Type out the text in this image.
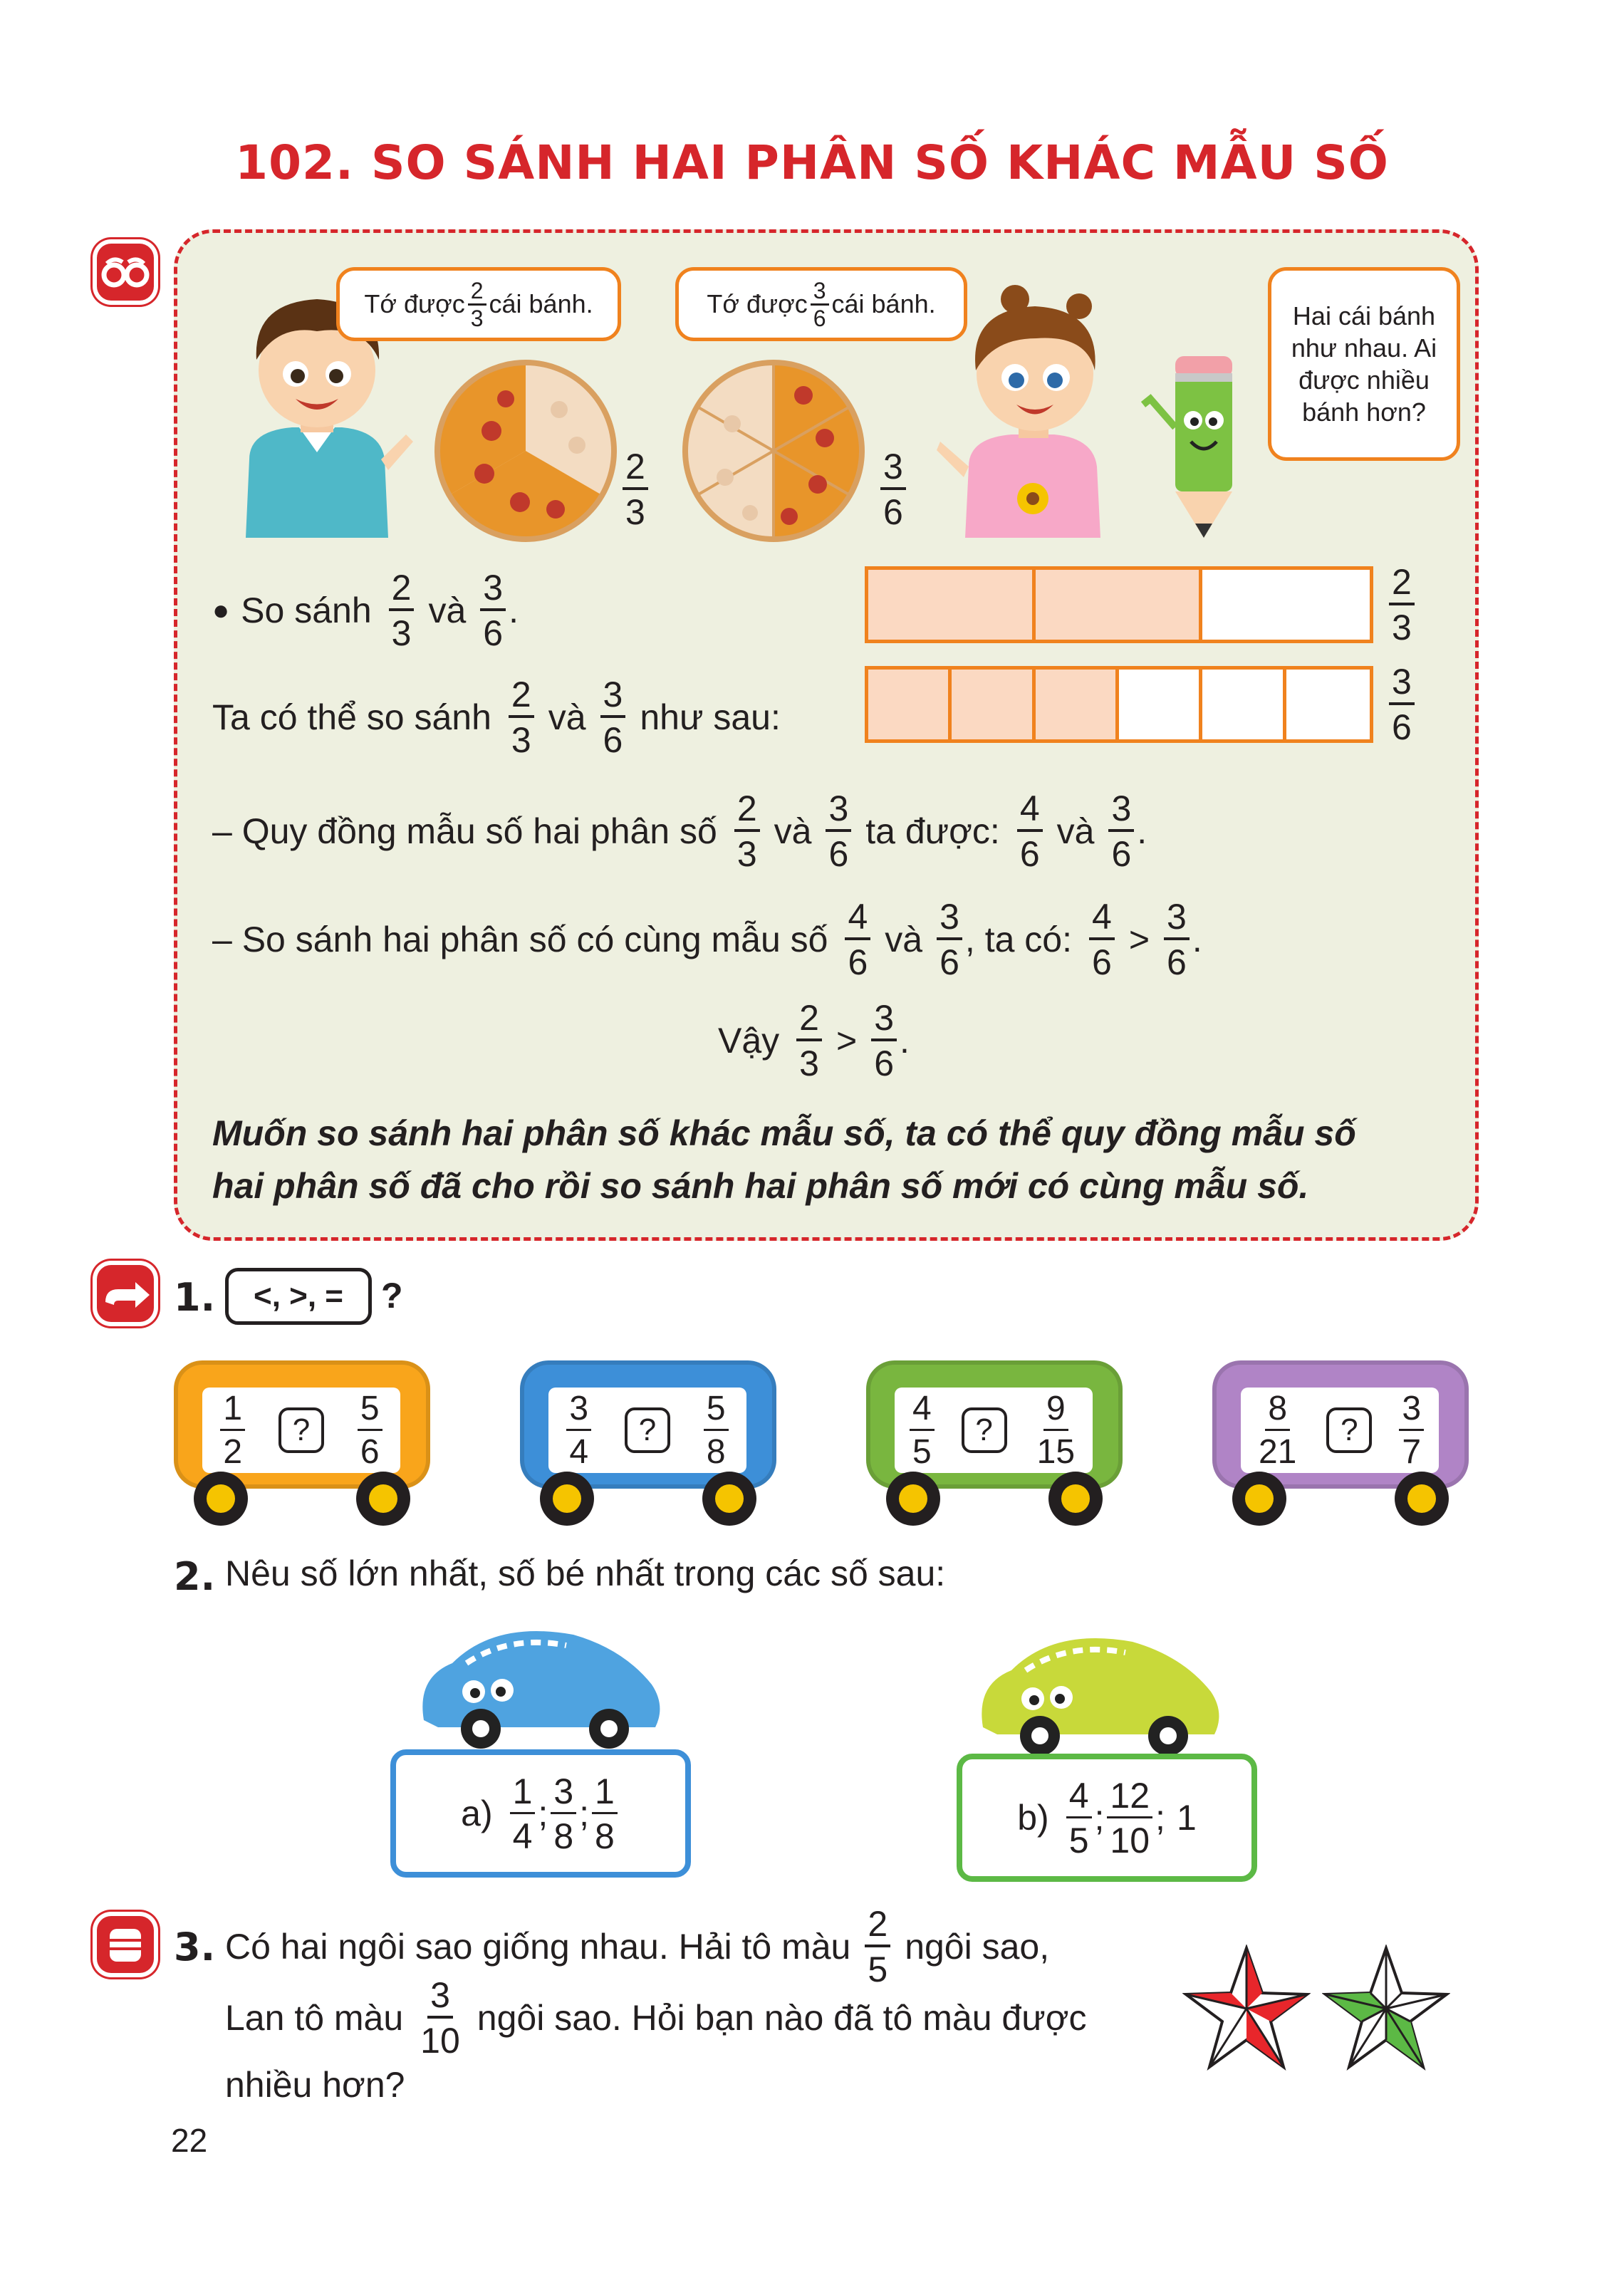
102. SO SÁNH HAI PHÂN SỐ KHÁC MẪU SỐ
Tớ được $\frac{2}{3}$ cái bánh.
$\frac{2}{3}$
Tớ được $\frac{3}{6}$ cái bánh.
$\frac{3}{6}$
Hai cái bánh như nhau. Ai được nhiều bánh hơn?
● So sánh $\frac{2}{3}$ và $\frac{3}{6}$ .	$\frac{2}{3}$
$\frac{3}{6}$
Ta có thể so sánh $\frac{2}{3}$ và $\frac{3}{6}$ như sau:
– Quy đồng mẫu số hai phân số $\frac{2}{3}$ và $\frac{3}{6}$ ta được: $\frac{4}{6}$ và $\frac{3}{6}$ .
– So sánh hai phân số có cùng mẫu số $\frac{4}{6}$ và $\frac{3}{6}$ , ta có: $\frac{4}{6} > \frac{3}{6}$ .
Vậy $\frac{2}{3} > \frac{3}{6}$ .
Muốn so sánh hai phân số khác mẫu số, ta có thể quy đồng mẫu số
hai phân số đã cho rồi so sánh hai phân số mới có cùng mẫu số.
1.	<, >, =	?
$\frac{1}{2}$	?	$\frac{5}{6}$	$\frac{3}{4}$	?	$\frac{5}{8}$	$\frac{4}{5}$	?	$\frac{9}{15}$	$\frac{8}{21}$	?	$\frac{3}{7}$
2. Nêu số lớn nhất, số bé nhất trong các số sau:
$a) \frac{1}{4}$ ; $\frac{3}{8}$ ; $\frac{1}{8}$	$b) \frac{4}{5}$ ; $\frac{12}{10}$ ; 1
3. Có hai ngôi sao giống nhau. Hải tô màu $\frac{2}{5}$ ngôi sao,
Lan tô màu $\frac{3}{10}$ ngôi sao. Hỏi bạn nào đã tô màu được
nhiều hơn?
22
